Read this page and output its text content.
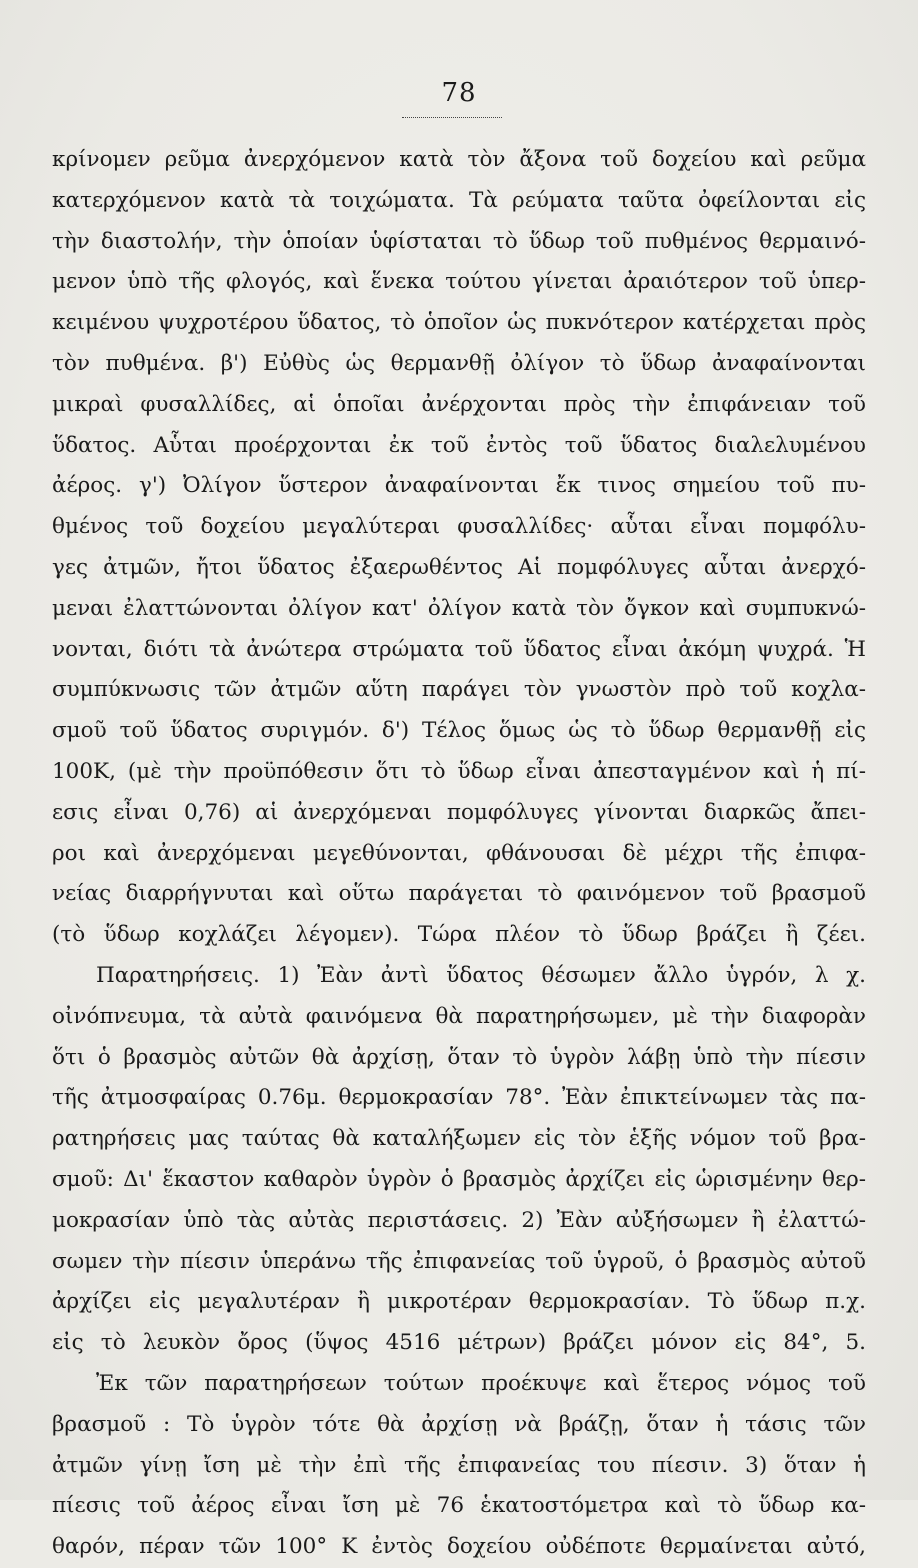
78
κρίνομεν ρεῦμα ἀνερχόμενον κατὰ τὸν ἄξονα τοῦ δοχείου καὶ ρεῦμα
κατερχόμενον κατὰ τὰ τοιχώματα. Τὰ ρεύματα ταῦτα ὀφείλονται εἰς
τὴν διαστολήν, τὴν ὁποίαν ὑφίσταται τὸ ὕδωρ τοῦ πυθμένος θερμαινό-
μενον ὑπὸ τῆς φλογός, καὶ ἕνεκα τούτου γίνεται ἀραιότερον τοῦ ὑπερ-
κειμένου ψυχροτέρου ὕδατος, τὸ ὁποῖον ὡς πυκνότερον κατέρχεται πρὸς
τὸν πυθμένα. β') Εὐθὺς ὡς θερμανθῇ ὀλίγον τὸ ὕδωρ ἀναφαίνονται
μικραὶ φυσαλλίδες, αἱ ὁποῖαι ἀνέρχονται πρὸς τὴν ἐπιφάνειαν τοῦ
ὕδατος. Αὗται προέρχονται ἐκ τοῦ ἐντὸς τοῦ ὕδατος διαλελυμένου
ἀέρος. γ') Ὀλίγον ὕστερον ἀναφαίνονται ἔκ τινος σημείου τοῦ πυ-
θμένος τοῦ δοχείου μεγαλύτεραι φυσαλλίδες· αὗται εἶναι πομφόλυ-
γες ἀτμῶν, ἤτοι ὕδατος ἐξαερωθέντος Αἱ πομφόλυγες αὗται ἀνερχό-
μεναι ἐλαττώνονται ὀλίγον κατ' ὀλίγον κατὰ τὸν ὄγκον καὶ συμπυκνώ-
νονται, διότι τὰ ἀνώτερα στρώματα τοῦ ὕδατος εἶναι ἀκόμη ψυχρά. Ἡ
συμπύκνωσις τῶν ἀτμῶν αὕτη παράγει τὸν γνωστὸν πρὸ τοῦ κοχλα-
σμοῦ τοῦ ὕδατος συριγμόν. δ') Τέλος ὅμως ὡς τὸ ὕδωρ θερμανθῇ εἰς
100Κ, (μὲ τὴν προϋπόθεσιν ὅτι τὸ ὕδωρ εἶναι ἀπεσταγμένον καὶ ἡ πί-
εσις εἶναι 0,76) αἱ ἀνερχόμεναι πομφόλυγες γίνονται διαρκῶς ἄπει-
ροι καὶ ἀνερχόμεναι μεγεθύνονται, φθάνουσαι δὲ μέχρι τῆς ἐπιφα-
νείας διαρρήγνυται καὶ οὕτω παράγεται τὸ φαινόμενον τοῦ βρασμοῦ
(τὸ ὕδωρ κοχλάζει λέγομεν). Τώρα πλέον τὸ ὕδωρ βράζει ἢ ζέει.
Παρατηρήσεις. 1) Ἐὰν ἀντὶ ὕδατος θέσωμεν ἄλλο ὑγρόν, λ χ.
οἰνόπνευμα, τὰ αὐτὰ φαινόμενα θὰ παρατηρήσωμεν, μὲ τὴν διαφορὰν
ὅτι ὁ βρασμὸς αὐτῶν θὰ ἀρχίσῃ, ὅταν τὸ ὑγρὸν λάβῃ ὑπὸ τὴν πίεσιν
τῆς ἀτμοσφαίρας 0.76μ. θερμοκρασίαν 78°. Ἐὰν ἐπικτείνωμεν τὰς πα-
ρατηρήσεις μας ταύτας θὰ καταλήξωμεν εἰς τὸν ἑξῆς νόμον τοῦ βρα-
σμοῦ: Δι' ἕκαστον καθαρὸν ὑγρὸν ὁ βρασμὸς ἀρχίζει εἰς ὡρισμένην θερ-
μοκρασίαν ὑπὸ τὰς αὐτὰς περιστάσεις. 2) Ἐὰν αὐξήσωμεν ἢ ἐλαττώ-
σωμεν τὴν πίεσιν ὑπεράνω τῆς ἐπιφανείας τοῦ ὑγροῦ, ὁ βρασμὸς αὐτοῦ
ἀρχίζει εἰς μεγαλυτέραν ἢ μικροτέραν θερμοκρασίαν. Τὸ ὕδωρ π.χ.
εἰς τὸ λευκὸν ὄρος (ὕψος 4516 μέτρων) βράζει μόνον εἰς 84°, 5.
Ἐκ τῶν παρατηρήσεων τούτων προέκυψε καὶ ἕτερος νόμος τοῦ
βρασμοῦ : Τὸ ὑγρὸν τότε θὰ ἀρχίσῃ νὰ βράζῃ, ὅταν ἡ τάσις τῶν
ἀτμῶν γίνῃ ἴση μὲ τὴν ἐπὶ τῆς ἐπιφανείας του πίεσιν. 3) ὅταν ἡ
πίεσις τοῦ ἀέρος εἶναι ἴση μὲ 76 ἑκατοστόμετρα καὶ τὸ ὕδωρ κα-
θαρόν, πέραν τῶν 100° Κ ἐντὸς δοχείου οὐδέποτε θερμαίνεται αὐτό,
